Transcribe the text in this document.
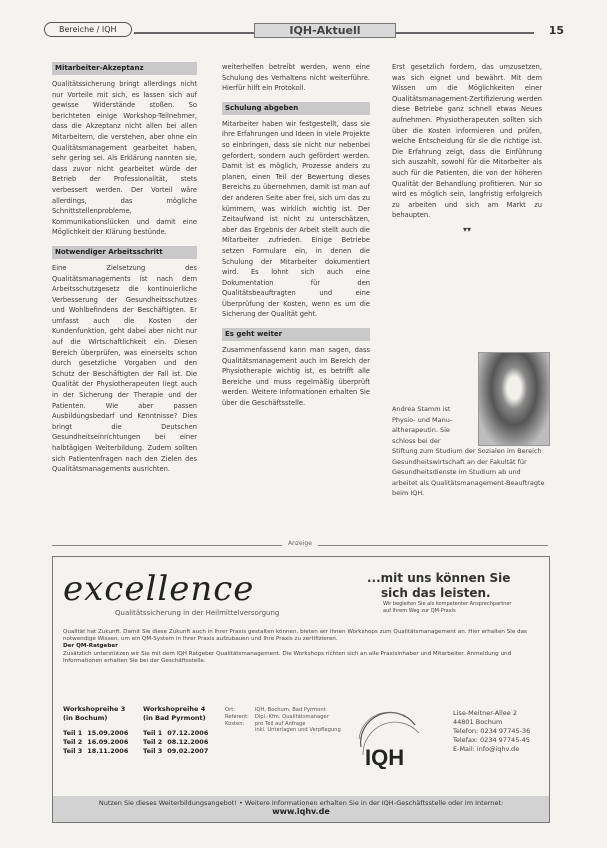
Bereiche / IQH	IQH-Aktuell	15
Mitarbeiter-Akzeptanz

Qualitätssicherung bringt allerdings nicht nur Vorteile mit sich, es lassen sich auf gewisse Widerstände stoßen. So berichteten einige Workshop-Teilnehmer, dass die Akzeptanz nicht allen bei allen Mitarbeitern, die verstehen, aber ohne ein Qualitätsmanagement gearbeitet haben, sehr gering sei. Als Erklärung nannten sie, dass zuvor nicht gearbeitet würde der Betrieb der Professionalität, stets verbessert werden. Der Vorteil wäre allerdings, das mögliche Schnittstellenprobleme, Kommunikationslücken und damit eine Möglichkeit der Klärung bestünde.

Notwendiger Arbeitsschritt

Eine Zielsetzung des Qualitätsmanagements ist nach dem Arbeitsschutzgesetz die kontinuierliche Verbesserung der Gesundheitsschutzes und Wohlbefindens der Beschäftigten. Er umfasst auch die Kosten der Kundenfunktion, geht dabei aber nicht nur auf die Wirtschaftlichkeit ein. Diesen Bereich überprüfen, was einerseits schon durch gesetzliche Vorgaben und den Schutz der Beschäftigten der Fall ist. Die Qualität der Physiotherapeuten liegt auch in der Sicherung der Therapie und der Patienten. Wie aber passen Ausbildungsbedarf und Kenntnisse? Dies bringt die Deutschen Gesundheitseinrichtungen bei einer halbtägigen Weiterbildung. Zudem sollten sich Patientenfragen nach den Zielen des Qualitätsmanagements ausrichten.

weiterhelfen betreibt werden, wenn eine Schulung des Verhaltens nicht weiterführe. Hierfür hilft ein Protokoll.

Schulung abgeben

Mitarbeiter haben wir festgestellt, dass sie ihre Erfahrungen und Ideen in viele Projekte so einbringen, dass sie nicht nur nebenbei gefordert, sondern auch gefördert werden. Damit ist es möglich, Prozesse anders zu planen, einen Teil der Bewertung dieses Bereichs zu übernehmen, damit ist man auf der anderen Seite aber frei, sich um das zu kümmern, was wirklich wichtig ist. Der Zeitaufwand ist nicht zu unterschätzen, aber das Ergebnis der Arbeit stellt auch die Mitarbeiter zufrieden. Einige Betriebe setzen Formulare ein, in denen die Schulung der Mitarbeiter dokumentiert wird. Es lohnt sich auch eine Dokumentation für den Qualitätsbeauftragten und eine Überprüfung der Kosten, wenn es um die Sicherung der Qualität geht.

Es geht weiter

Zusammenfassend kann man sagen, dass Qualitätsmanagement auch im Bereich der Physiotherapie wichtig ist, es betrifft alle Bereiche und muss regelmäßig überprüft werden. Weitere Informationen erhalten Sie über die Geschäftsstelle.

Erst gesetzlich fordern, das umzusetzen, was sich eignet und bewährt. Mit dem Wissen um die Möglichkeiten einer Qualitätsmanagement-Zertifizierung werden diese Betriebe ganz schnell etwas Neues aufnehmen. Physiotherapeuten sollten sich über die Kosten informieren und prüfen, welche Entscheidung für sie die richtige ist. Die Erfahrung zeigt, dass die Einführung sich auszahlt, sowohl für die Mitarbeiter als auch für die Patienten, die von der höheren Qualität der Behandlung profitieren. Nur so wird es möglich sein, langfristig erfolgreich zu arbeiten und sich am Markt zu behaupten.

▾▾
Andrea Stamm ist
Physio- und Manu-
altherapeutin. Sie
schloss bei der
Stiftung zum Studium der Sozialen im Bereich Gesundheitswirtschaft an der Fakultät für Gesundheitsdienste im Studium ab und arbeitet als Qualitätsmanagement-Beauftragte beim IQH.
Anzeige
excellence
Qualitätssicherung in der Heilmittelversorgung
...mit uns können Sie
sich das leisten.
Wir begleiten Sie als kompetenter Ansprechpartner
auf Ihrem Weg zur QM-Praxis
Qualität hat Zukunft. Damit Sie diese Zukunft auch in Ihrer Praxis gestalten können, bieten wir Ihnen Workshops zum Qualitätsmanagement an. Hier erhalten Sie das notwendige Wissen, um ein QM-System in Ihrer Praxis aufzubauen und Ihre Praxis zu zertifizieren.
Der QM-Ratgeber
Zusätzlich unterstützen wir Sie mit dem IQH Ratgeber Qualitätsmanagement. Die Workshops richten sich an alle Praxisinhaber und Mitarbeiter. Anmeldung und Informationen erhalten Sie bei der Geschäftsstelle.
Workshopreihe 3
(in Bochum)
Teil 1	15.09.2006
Teil 2	16.09.2006
Teil 3	18.11.2006
Workshopreihe 4
(in Bad Pyrmont)
Teil 1	07.12.2006
Teil 2	08.12.2006
Teil 3	09.02.2007
Ort:	IQH, Bochum, Bad Pyrmont
Referent:	Dipl.-Kfm. Qualitätsmanager
Kosten:	pro Teil auf Anfrage
	inkl. Unterlagen und Verpflegung
IQH
Lise-Meitner-Allee 2
44801 Bochum
Telefon: 0234 97745-36
Telefax: 0234 97745-45
E-Mail: info@iqhv.de
Nutzen Sie dieses Weiterbildungsangebot! • Weitere Informationen erhalten Sie in der IQH-Geschäftsstelle oder im Internet:
www.iqhv.de
